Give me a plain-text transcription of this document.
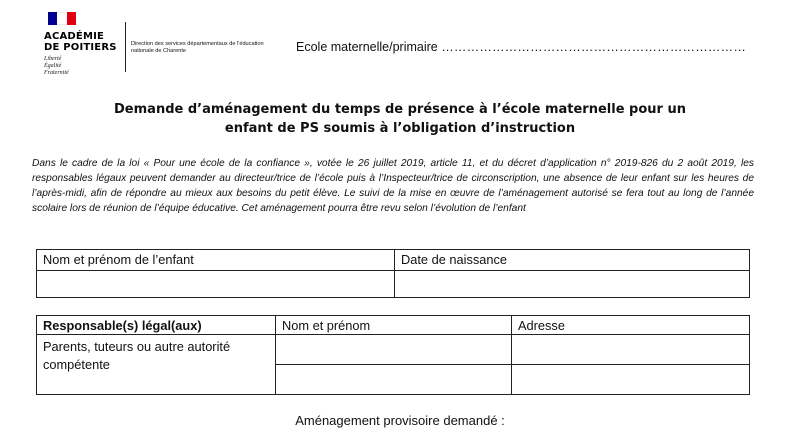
ACADÉMIE
DE POITIERS
Liberté
Égalité
Fraternité
Direction des services départementaux de l'éducation nationale de Charente	Ecole maternelle/primaire ………………………………………………………………
Demande d’aménagement du temps de présence à l’école maternelle pour un
enfant de PS soumis à l’obligation d’instruction
Dans le cadre de la loi « Pour une école de la confiance », votée le 26 juillet 2019, article 11, et du décret d’application n° 2019-826 du 2 août 2019, les responsables légaux peuvent demander au directeur/trice de l’école puis à l’Inspecteur/trice de circonscription, une absence de leur enfant sur les heures de l’après-midi, afin de répondre au mieux aux besoins du petit élève. Le suivi de la mise en œuvre de l’aménagement autorisé se fera tout au long de l’année scolaire lors de réunion de l’équipe éducative. Cet aménagement pourra être revu selon l’évolution de l’enfant
Nom et prénom de l’enfant	Date de naissance
Responsable(s) légal(aux)	Nom et prénom	Adresse
Parents, tuteurs ou autre autorité compétente
Aménagement provisoire demandé :
